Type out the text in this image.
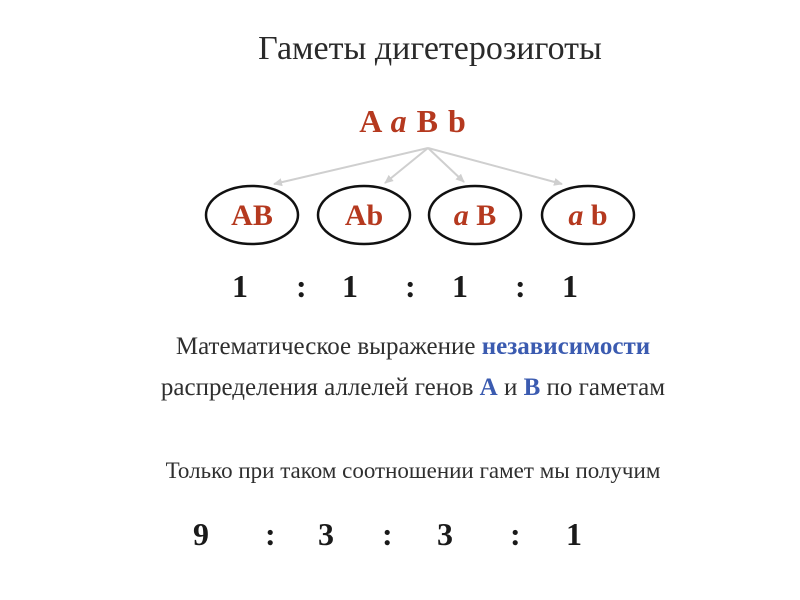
Гаметы дигетерозиготы
A a B b
AB Ab a
B a
b
1 : 1 : 1 : 1
Математическое выражение независимости
распределения аллелей генов А и В по гаметам
Только при таком соотношении гамет мы получим
9 : 3 : 3 : 1
